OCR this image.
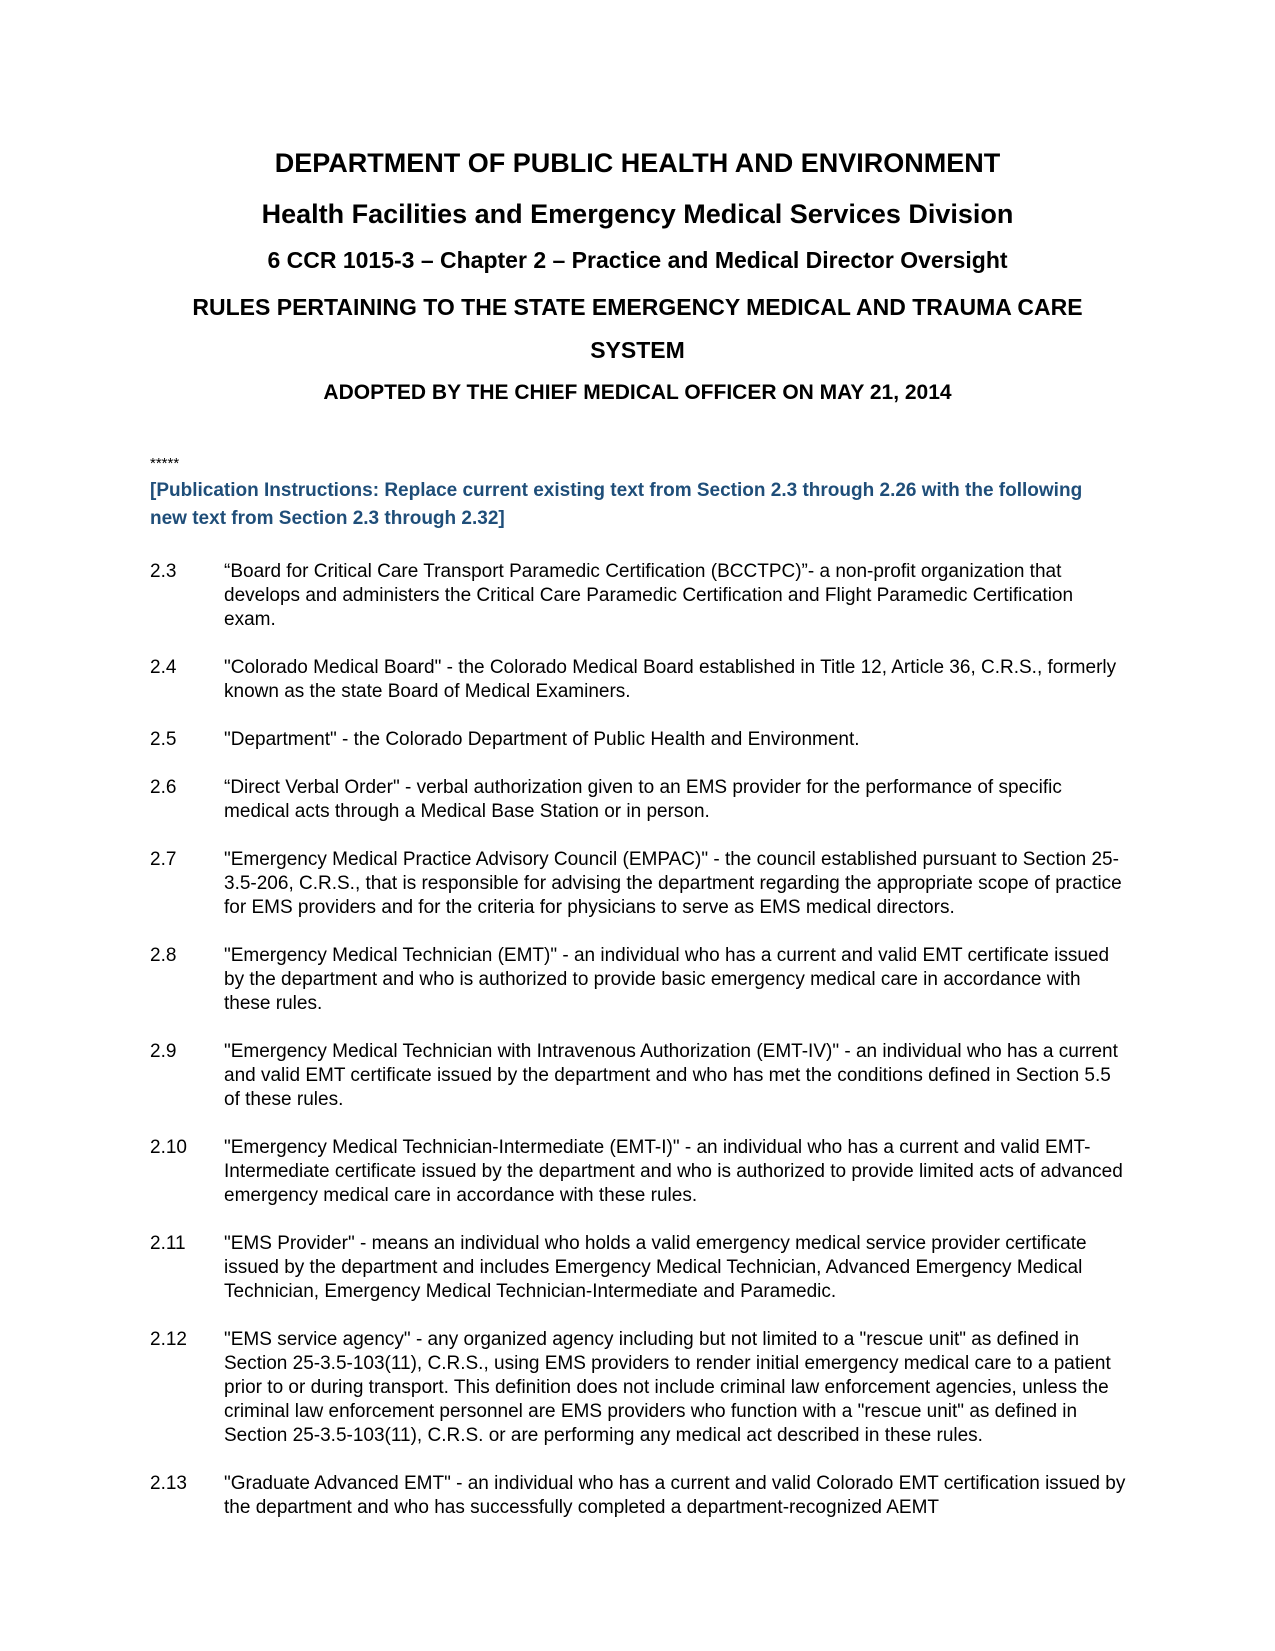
DEPARTMENT OF PUBLIC HEALTH AND ENVIRONMENT
Health Facilities and Emergency Medical Services Division
6 CCR 1015-3 – Chapter 2 – Practice and Medical Director Oversight
RULES PERTAINING TO THE STATE EMERGENCY MEDICAL AND TRAUMA CARE
SYSTEM
ADOPTED BY THE CHIEF MEDICAL OFFICER ON MAY 21, 2014
*****
[Publication Instructions: Replace current existing text from Section 2.3 through 2.26 with the following new text from Section 2.3 through 2.32]
2.3	“Board for Critical Care Transport Paramedic Certification (BCCTPC)”- a non-profit organization that develops and administers the Critical Care Paramedic Certification and Flight Paramedic Certification exam.
2.4	"Colorado Medical Board" - the Colorado Medical Board established in Title 12, Article 36, C.R.S., formerly known as the state Board of Medical Examiners.
2.5	"Department" - the Colorado Department of Public Health and Environment.
2.6	“Direct Verbal Order" - verbal authorization given to an EMS provider for the performance of specific medical acts through a Medical Base Station or in person.
2.7	"Emergency Medical Practice Advisory Council (EMPAC)" - the council established pursuant to Section 25-3.5-206, C.R.S., that is responsible for advising the department regarding the appropriate scope of practice for EMS providers and for the criteria for physicians to serve as EMS medical directors.
2.8	"Emergency Medical Technician (EMT)" - an individual who has a current and valid EMT certificate issued by the department and who is authorized to provide basic emergency medical care in accordance with these rules.
2.9	"Emergency Medical Technician with Intravenous Authorization (EMT-IV)" - an individual who has a current and valid EMT certificate issued by the department and who has met the conditions defined in Section 5.5 of these rules.
2.10	"Emergency Medical Technician-Intermediate (EMT-I)" - an individual who has a current and valid EMT-Intermediate certificate issued by the department and who is authorized to provide limited acts of advanced emergency medical care in accordance with these rules.
2.11	"EMS Provider" - means an individual who holds a valid emergency medical service provider certificate issued by the department and includes Emergency Medical Technician, Advanced Emergency Medical Technician, Emergency Medical Technician-Intermediate and Paramedic.
2.12	"EMS service agency" - any organized agency including but not limited to a "rescue unit" as defined in Section 25-3.5-103(11), C.R.S., using EMS providers to render initial emergency medical care to a patient prior to or during transport. This definition does not include criminal law enforcement agencies, unless the criminal law enforcement personnel are EMS providers who function with a "rescue unit" as defined in Section 25-3.5-103(11), C.R.S. or are performing any medical act described in these rules.
2.13	"Graduate Advanced EMT" - an individual who has a current and valid Colorado EMT certification issued by the department and who has successfully completed a department-recognized AEMT
